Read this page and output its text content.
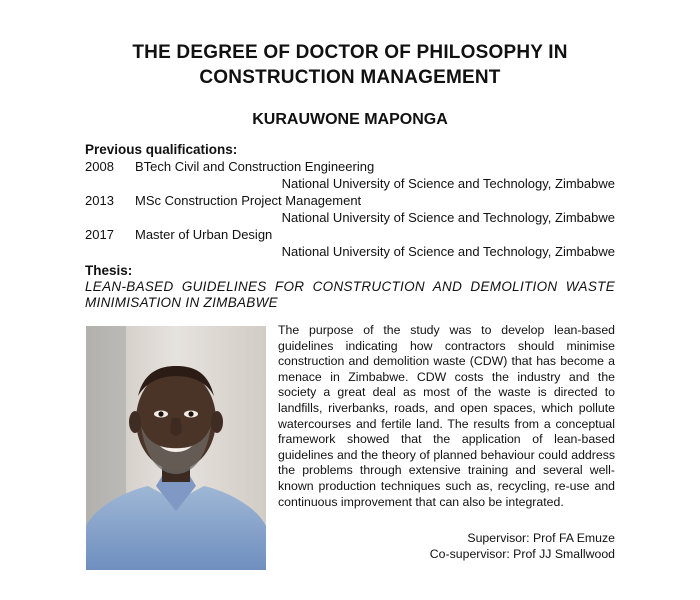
THE DEGREE OF DOCTOR OF PHILOSOPHY IN
CONSTRUCTION MANAGEMENT
KURAUWONE MAPONGA
Previous qualifications:
2008 BTech Civil and Construction Engineering
National University of Science and Technology, Zimbabwe
2013 MSc Construction Project Management
National University of Science and Technology, Zimbabwe
2017 Master of Urban Design
National University of Science and Technology, Zimbabwe
Thesis:
LEAN-BASED GUIDELINES FOR CONSTRUCTION AND DEMOLITION WASTE MINIMISATION IN ZIMBABWE
The purpose of the study was to develop lean-based guidelines indicating how contractors should minimise construction and demolition waste (CDW) that has become a menace in Zimbabwe. CDW costs the industry and the society a great deal as most of the waste is directed to landfills, riverbanks, roads, and open spaces, which pollute watercourses and fertile land. The results from a conceptual framework showed that the application of lean-based guidelines and the theory of planned behaviour could address the problems through extensive training and several well-known production techniques such as, recycling, re-use and continuous improvement that can also be integrated.
Supervisor: Prof FA Emuze
Co-supervisor: Prof JJ Smallwood
